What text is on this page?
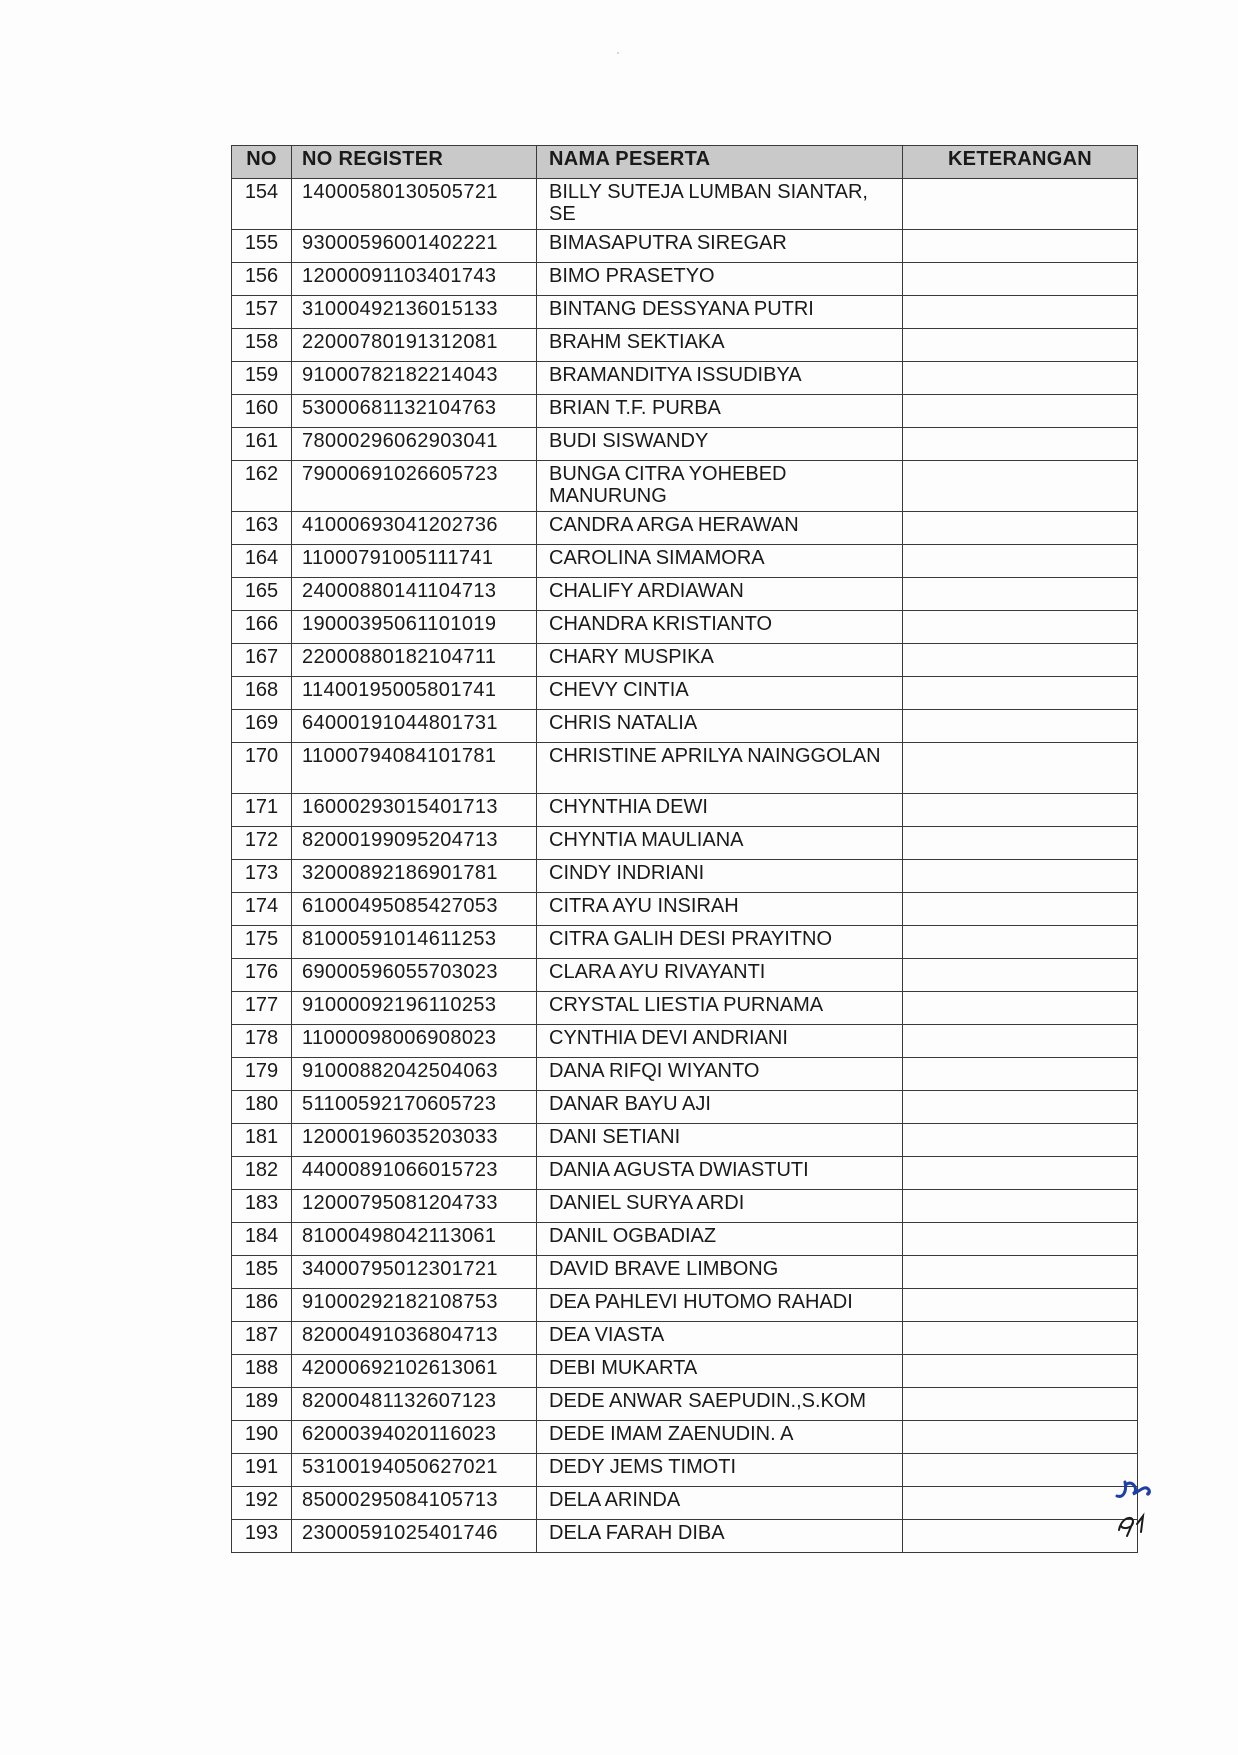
NO	NO REGISTER	NAMA PESERTA	KETERANGAN
154	14000580130505721	BILLY SUTEJA LUMBAN SIANTAR, SE	
155	93000596001402221	BIMASAPUTRA SIREGAR	
156	12000091103401743	BIMO PRASETYO	
157	31000492136015133	BINTANG DESSYANA PUTRI	
158	22000780191312081	BRAHM SEKTIAKA	
159	91000782182214043	BRAMANDITYA ISSUDIBYA	
160	53000681132104763	BRIAN T.F. PURBA	
161	78000296062903041	BUDI SISWANDY	
162	79000691026605723	BUNGA CITRA YOHEBED MANURUNG	
163	41000693041202736	CANDRA ARGA HERAWAN	
164	11000791005111741	CAROLINA SIMAMORA	
165	24000880141104713	CHALIFY ARDIAWAN	
166	19000395061101019	CHANDRA KRISTIANTO	
167	22000880182104711	CHARY MUSPIKA	
168	11400195005801741	CHEVY CINTIA	
169	64000191044801731	CHRIS NATALIA	
170	11000794084101781	CHRISTINE APRILYA NAINGGOLAN	
171	16000293015401713	CHYNTHIA DEWI	
172	82000199095204713	CHYNTIA MAULIANA	
173	32000892186901781	CINDY INDRIANI	
174	61000495085427053	CITRA AYU INSIRAH	
175	81000591014611253	CITRA GALIH DESI PRAYITNO	
176	69000596055703023	CLARA AYU RIVAYANTI	
177	91000092196110253	CRYSTAL LIESTIA PURNAMA	
178	11000098006908023	CYNTHIA DEVI ANDRIANI	
179	91000882042504063	DANA RIFQI WIYANTO	
180	51100592170605723	DANAR BAYU AJI	
181	12000196035203033	DANI SETIANI	
182	44000891066015723	DANIA AGUSTA DWIASTUTI	
183	12000795081204733	DANIEL SURYA ARDI	
184	81000498042113061	DANIL OGBADIAZ	
185	34000795012301721	DAVID BRAVE LIMBONG	
186	91000292182108753	DEA PAHLEVI HUTOMO RAHADI	
187	82000491036804713	DEA VIASTA	
188	42000692102613061	DEBI MUKARTA	
189	82000481132607123	DEDE ANWAR SAEPUDIN.,S.KOM	
190	62000394020116023	DEDE IMAM ZAENUDIN. A	
191	53100194050627021	DEDY JEMS TIMOTI	
192	85000295084105713	DELA ARINDA	
193	23000591025401746	DELA FARAH DIBA	
